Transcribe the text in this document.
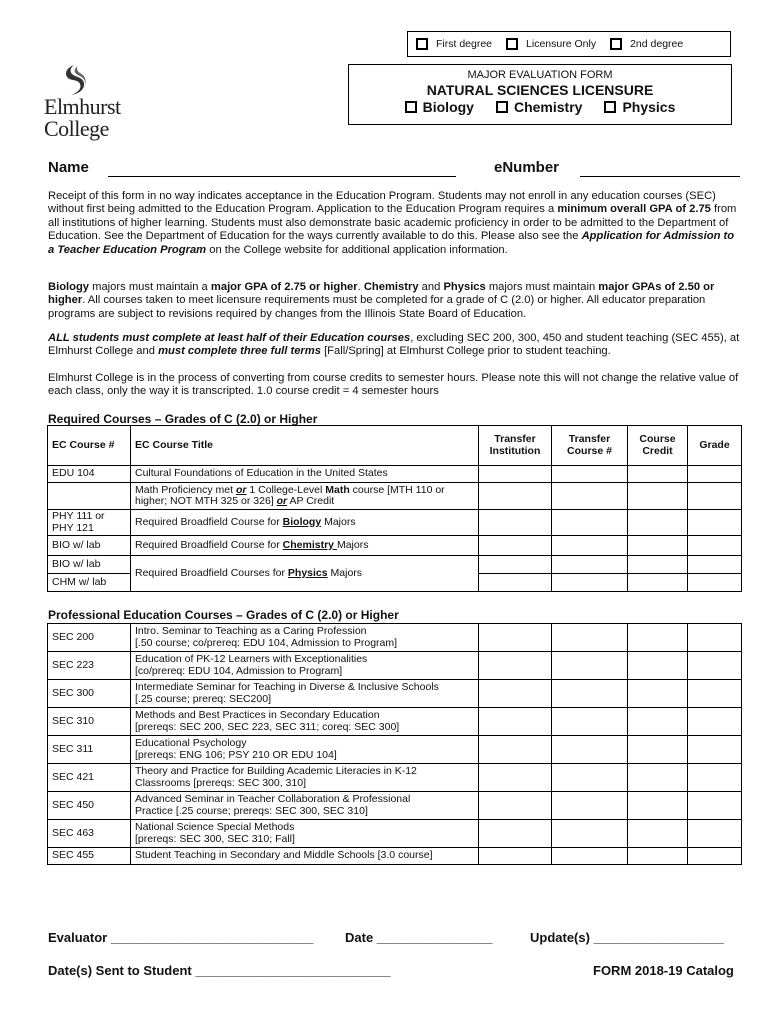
First degree	Licensure Only	2nd degree
Elmhurst
College
MAJOR EVALUATION FORM
NATURAL SCIENCES LICENSURE
Biology	Chemistry	Physics
Name	eNumber
Receipt of this form in no way indicates acceptance in the Education Program. Students may not enroll in any education courses (SEC) without first being admitted to the Education Program. Application to the Education Program requires a minimum overall GPA of 2.75 from all institutions of higher learning. Students must also demonstrate basic academic proficiency in order to be admitted to the Department of Education. See the Department of Education for the ways currently available to do this. Please also see the Application for Admission to a Teacher Education Program on the College website for additional application information.
Biology majors must maintain a major GPA of 2.75 or higher. Chemistry and Physics majors must maintain major GPAs of 2.50 or higher. All courses taken to meet licensure requirements must be completed for a grade of C (2.0) or higher. All educator preparation programs are subject to revisions required by changes from the Illinois State Board of Education.
ALL students must complete at least half of their Education courses, excluding SEC 200, 300, 450 and student teaching (SEC 455), at Elmhurst College and must complete three full terms [Fall/Spring] at Elmhurst College prior to student teaching.
Elmhurst College is in the process of converting from course credits to semester hours. Please note this will not change the relative value of each class, only the way it is transcripted. 1.0 course credit = 4 semester hours
Required Courses – Grades of C (2.0) or Higher
EC Course #	EC Course Title	Transfer Institution	Transfer Course #	Course Credit	Grade
EDU 104	Cultural Foundations of Education in the United States				
	Math Proficiency met or 1 College-Level Math course [MTH 110 or higher; NOT MTH 325 or 326] or AP Credit				
PHY 111 or PHY 121	Required Broadfield Course for Biology Majors				
BIO w/ lab	Required Broadfield Course for Chemistry Majors				
BIO w/ lab	Required Broadfield Courses for Physics Majors				
CHM w/ lab					
Professional Education Courses – Grades of C (2.0) or Higher
SEC 200	Intro. Seminar to Teaching as a Caring Profession
[.50 course; co/prereq: EDU 104, Admission to Program]				

SEC 223	Education of PK-12 Learners with Exceptionalities
[co/prereq: EDU 104, Admission to Program]				

SEC 300	Intermediate Seminar for Teaching in Diverse & Inclusive Schools
[.25 course; prereq: SEC200]				

SEC 310	Methods and Best Practices in Secondary Education
[prereqs: SEC 200, SEC 223, SEC 311; coreq: SEC 300]				

SEC 311	Educational Psychology
[prereqs: ENG 106; PSY 210 OR EDU 104]				

SEC 421	Theory and Practice for Building Academic Literacies in K-12
Classrooms [prereqs: SEC 300, 310]				

SEC 450	Advanced Seminar in Teacher Collaboration & Professional
Practice [.25 course; prereqs: SEC 300, SEC 310]				

SEC 463	National Science Special Methods
[prereqs: SEC 300, SEC 310; Fall]				

SEC 455	Student Teaching in Secondary and Middle Schools [3.0 course]				

Evaluator ____________________________ Date ________________	Update(s) __________________
Date(s) Sent to Student ___________________________	FORM 2018-19 Catalog
